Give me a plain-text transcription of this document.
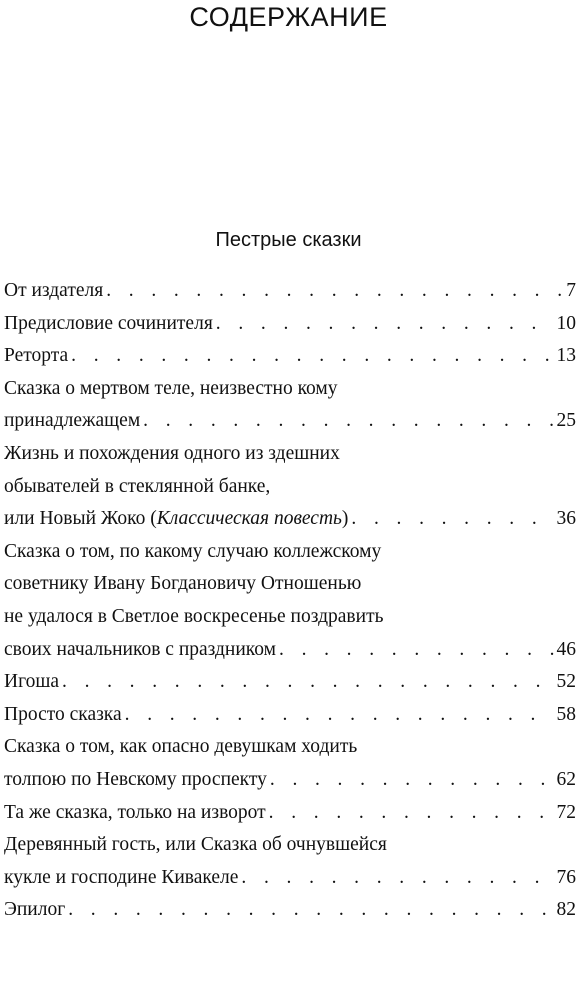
СОДЕРЖАНИЕ
Пестрые сказки
От издателя . . .	7
Предисловие сочинителя . . .	10
Реторта . . .	13
Сказка о мертвом теле, неизвестно кому
принадлежащем . . .	25
Жизнь и похождения одного из здешних
обывателей в стеклянной банке,
или Новый Жоко (Классическая повесть) . . .	36
Сказка о том, по какому случаю коллежскому
советнику Ивану Богдановичу Отношенью
не удалося в Светлое воскресенье поздравить
своих начальников с праздником . . .	46
Игоша . . .	52
Просто сказка . . .	58
Сказка о том, как опасно девушкам ходить
толпою по Невскому проспекту . . .	62
Та же сказка, только на изворот . . .	72
Деревянный гость, или Сказка об очнувшейся
кукле и господине Кивакеле . . .	76
Эпилог . . .	82
